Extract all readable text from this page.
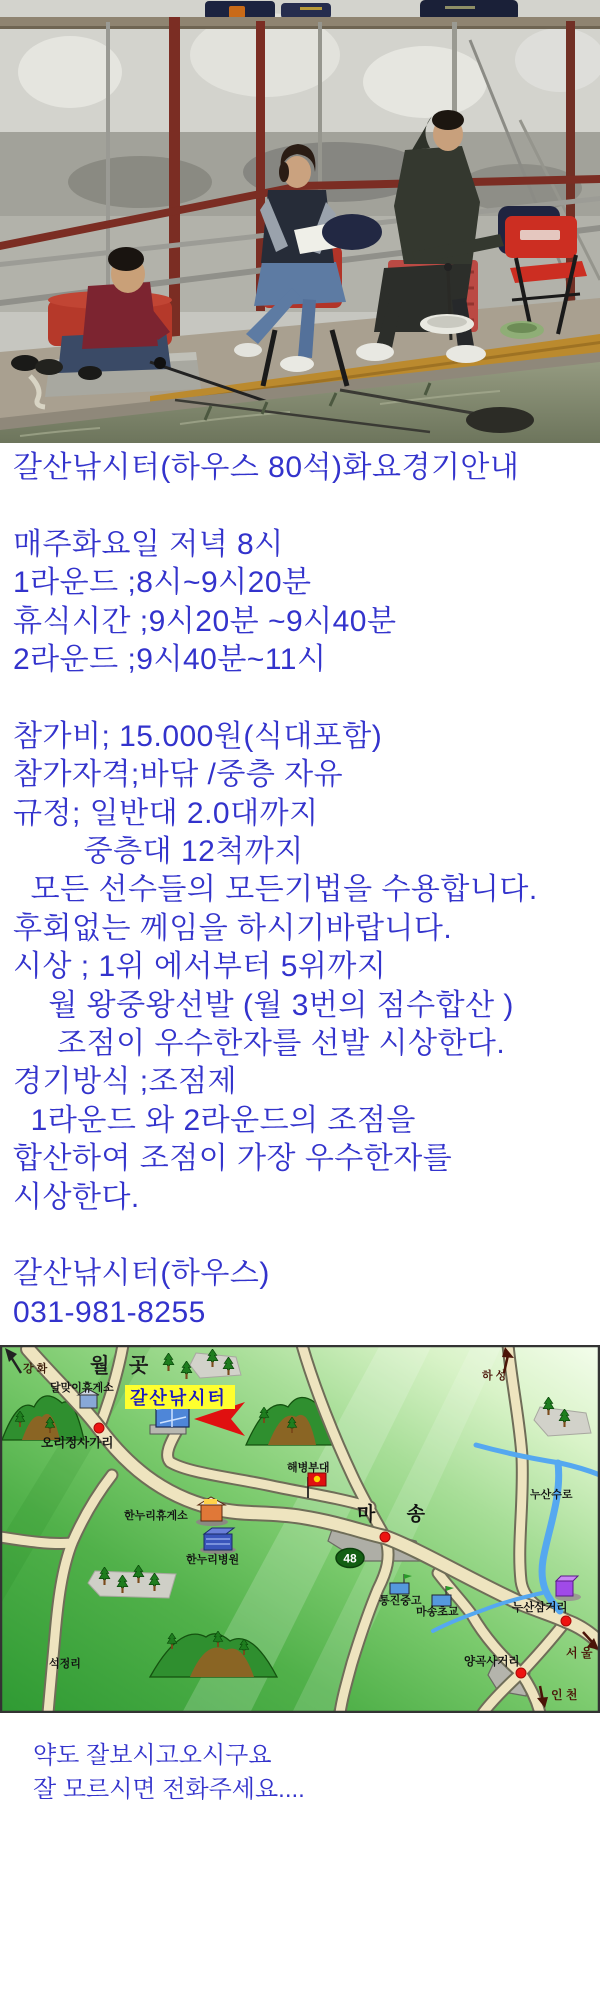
갈산낚시터(하우스 80석)화요경기안내
매주화요일 저녁 8시
1라운드 ;8시~9시20분
휴식시간 ;9시20분 ~9시40분
2라운드 ;9시40분~11시
참가비; 15.000원(식대포함)
참가자격;바닦 /중층 자유
규정; 일반대 2.0대까지
중층대 12척까지
모든 선수들의 모든기법을 수용합니다.
후회없는 께임을 하시기바랍니다.
시상 ; 1위 에서부터 5위까지
월 왕중왕선발 (월 3번의 점수합산 )
조점이 우수한자를 선발 시상한다.
경기방식 ;조점제
1라운드 와 2라운드의 조점을
합산하여 조점이 가장 우수한자를
시상한다.
갈산낚시터(하우스)
031-981-8255
갈산낚시터
48
강 화 월 곳	하 성
달맞이휴게소
오리정사가리
해병부대
마 송
누산수로
한누리휴게소
한누리병원
통진중고
마송초교	누산삼거리
서 울
양곡사거리
인 천
석정리
약도 잘보시고오시구요
잘 모르시면 전화주세요....
